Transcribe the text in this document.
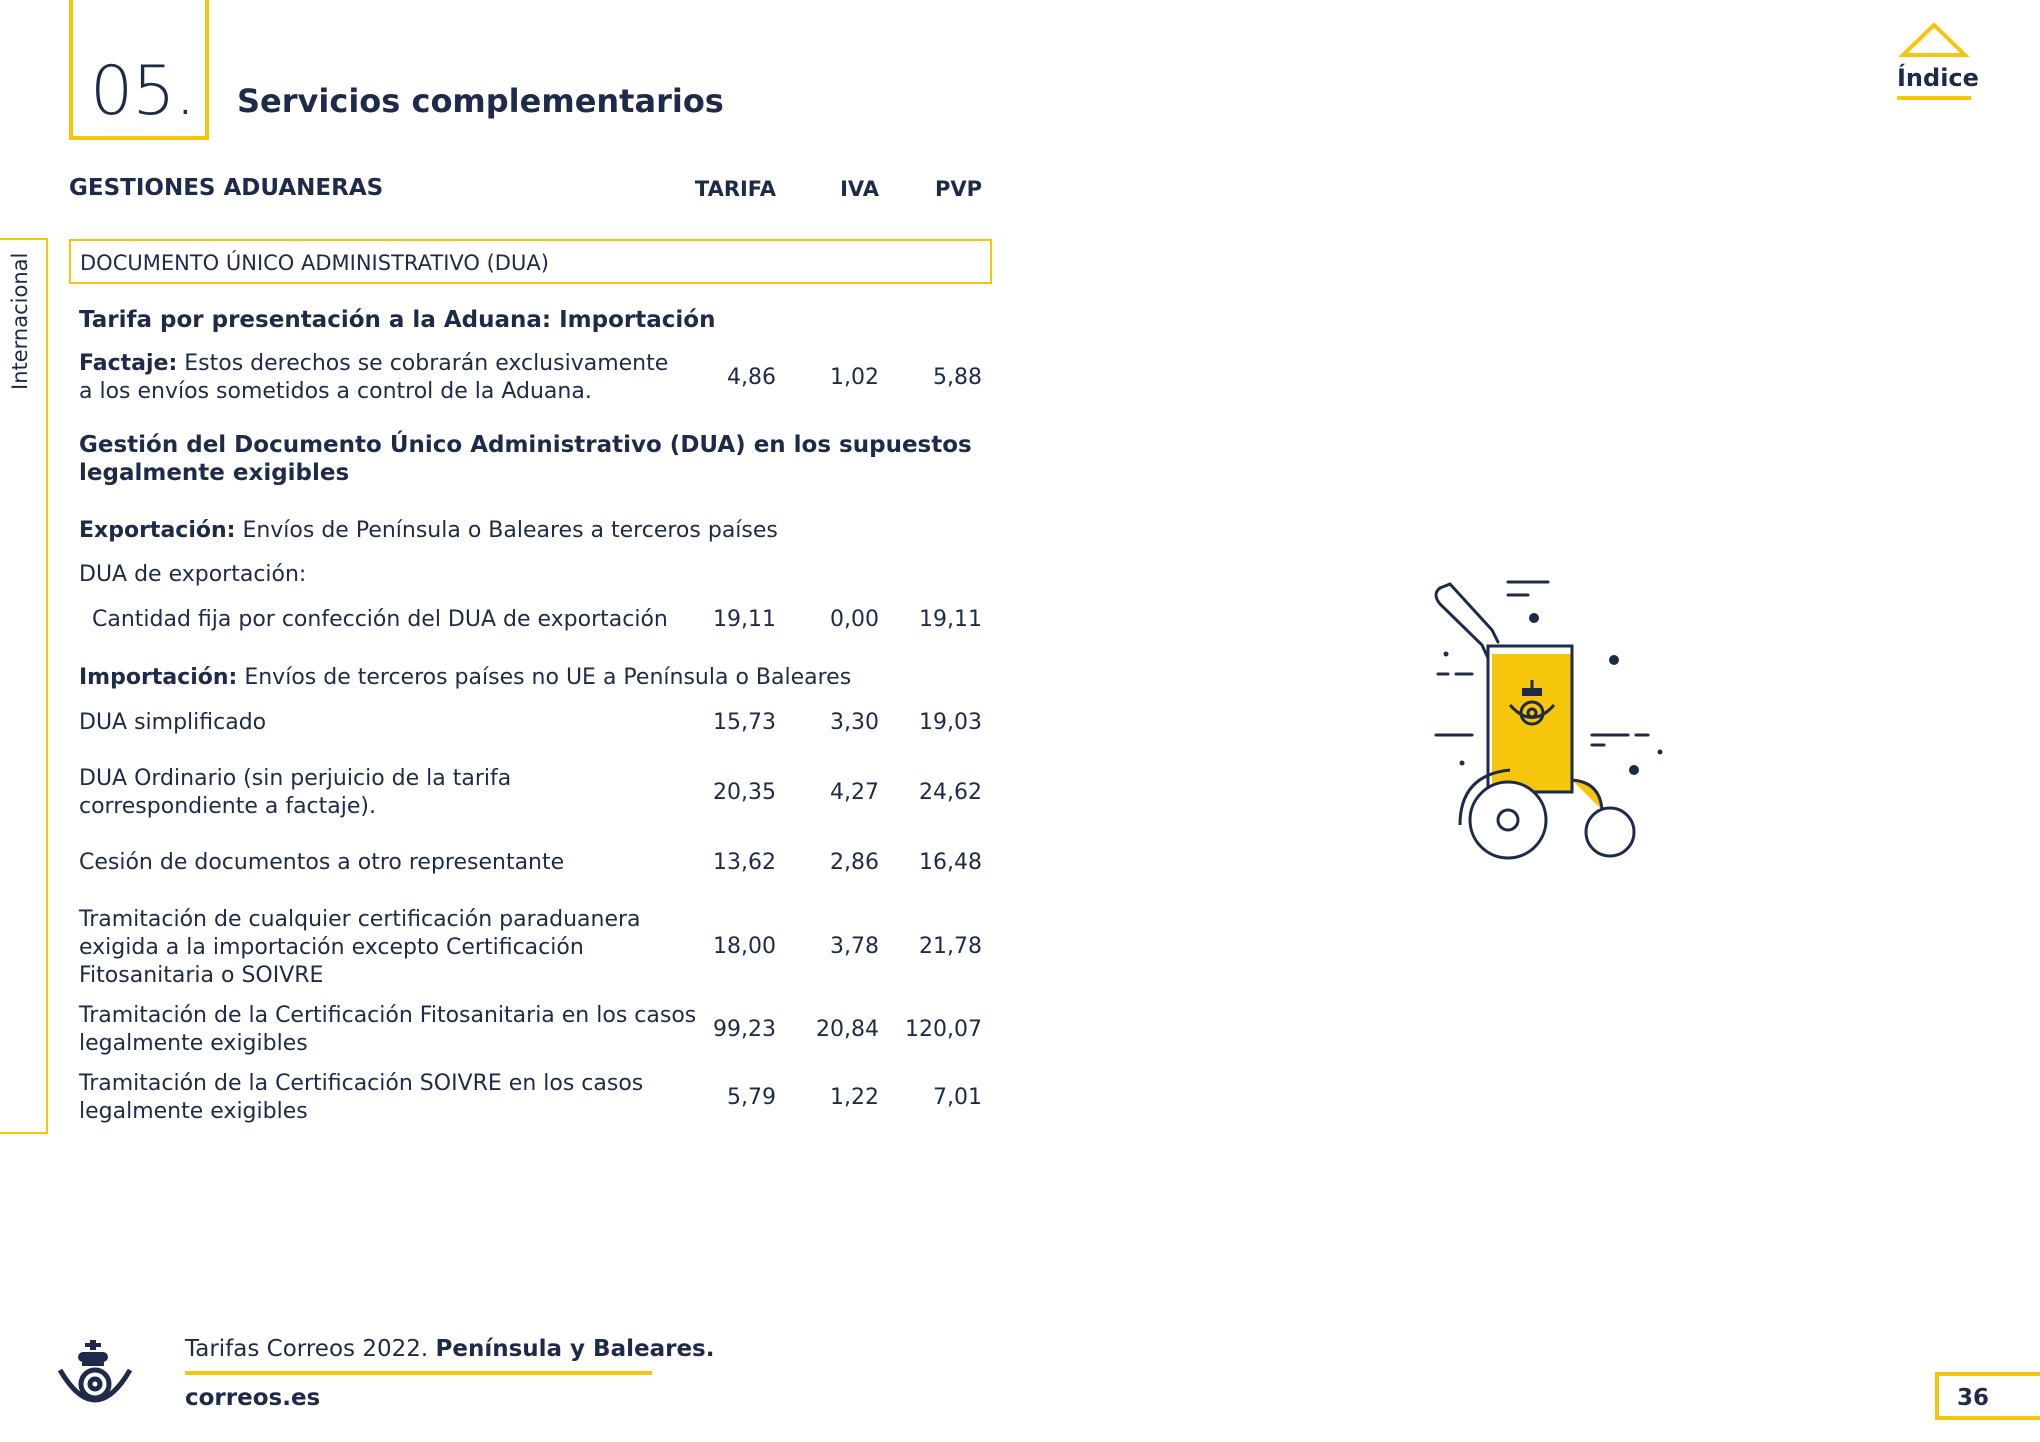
05. Servicios complementarios
Índice
Internacional
GESTIONES ADUANERAS	TARIFA	IVA	PVP
DOCUMENTO ÚNICO ADMINISTRATIVO (DUA)
Tarifa por presentación a la Aduana: Importación
Factaje: Estos derechos se cobrarán exclusivamente
a los envíos sometidos a control de la Aduana.
4,86	1,02	5,88
Gestión del Documento Único Administrativo (DUA) en los supuestos
legalmente exigibles
Exportación: Envíos de Península o Baleares a terceros países
DUA de exportación:
Cantidad fija por confección del DUA de exportación	19,11	0,00	19,11
Importación: Envíos de terceros países no UE a Península o Baleares
DUA simplificado	15,73	3,30	19,03
DUA Ordinario (sin perjuicio de la tarifa
correspondiente a factaje).
20,35	4,27	24,62
Cesión de documentos a otro representante	13,62	2,86	16,48
Tramitación de cualquier certificación paraduanera
exigida a la importación excepto Certificación
Fitosanitaria o SOIVRE
18,00	3,78	21,78
Tramitación de la Certificación Fitosanitaria en los casos
legalmente exigibles
99,23	20,84 120,07
Tramitación de la Certificación SOIVRE en los casos
legalmente exigibles
5,79	1,22	7,01
Tarifas Correos 2022. Península y Baleares.
correos.es	36
